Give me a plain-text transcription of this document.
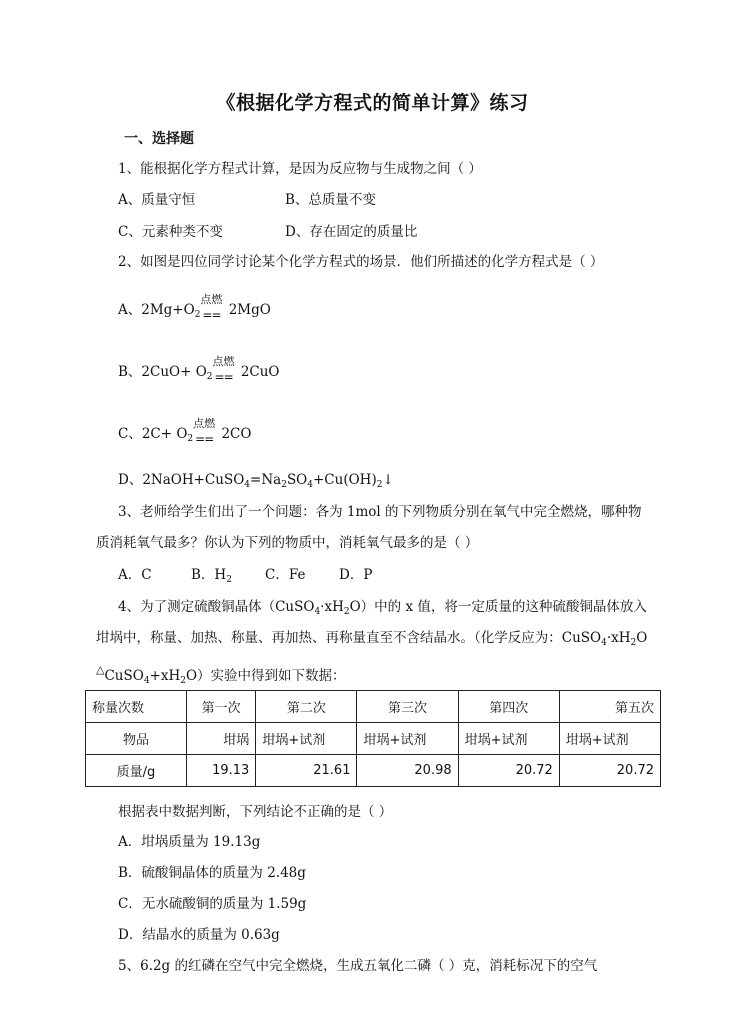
《根据化学方程式的简单计算》练习
一、选择题
1、能根据化学方程式计算，是因为反应物与生成物之间（ ）
A、质量守恒	B、总质量不变
C、元素种类不变	D、存在固定的质量比
2、如图是四位同学讨论某个化学方程式的场景．他们所描述的化学方程式是（ ）
A、$2Mg+O_2$
点燃
== 2MgO
B、$2CuO+ O_2$
点燃
== 2CuO
C、$2C+ O_2$
点燃
== 2CO
D、$2NaOH+CuSO_4=Na_2SO_4+Cu(OH)_2↓$
3、老师给学生们出了一个问题：各为 1mol 的下列物质分别在氧气中完全燃烧，哪种物
质消耗氧气最多？你认为下列的物质中，消耗氧气最多的是（ ）
A．C	B．$H_2$ C．Fe D．P
4、为了测定硫酸铜晶体$(CuSO_4\cdot xH_2O)$中的 x 值，将一定质量的这种硫酸铜晶体放入
坩埚中，称量、加热、称量、再加热、再称量直至不含结晶水。（化学反应为：$CuSO_4\cdot xH_2O$
$^\triangle CuSO_4+xH_2O$）实验中得到如下数据：
称量次数	第一次	第二次	第三次	第四次	第五次
物品	坩埚	坩埚+试剂	坩埚+试剂	坩埚+试剂	坩埚+试剂
质量/g	19.13	21.61	20.98	20.72	20.72
根据表中数据判断，下列结论不正确的是（ ）
A．坩埚质量为 19.13g
B．硫酸铜晶体的质量为 2.48g
C．无水硫酸铜的质量为 1.59g
D．结晶水的质量为 0.63g
5、6.2g 的红磷在空气中完全燃烧，生成五氧化二磷（ ）克，消耗标况下的空气
